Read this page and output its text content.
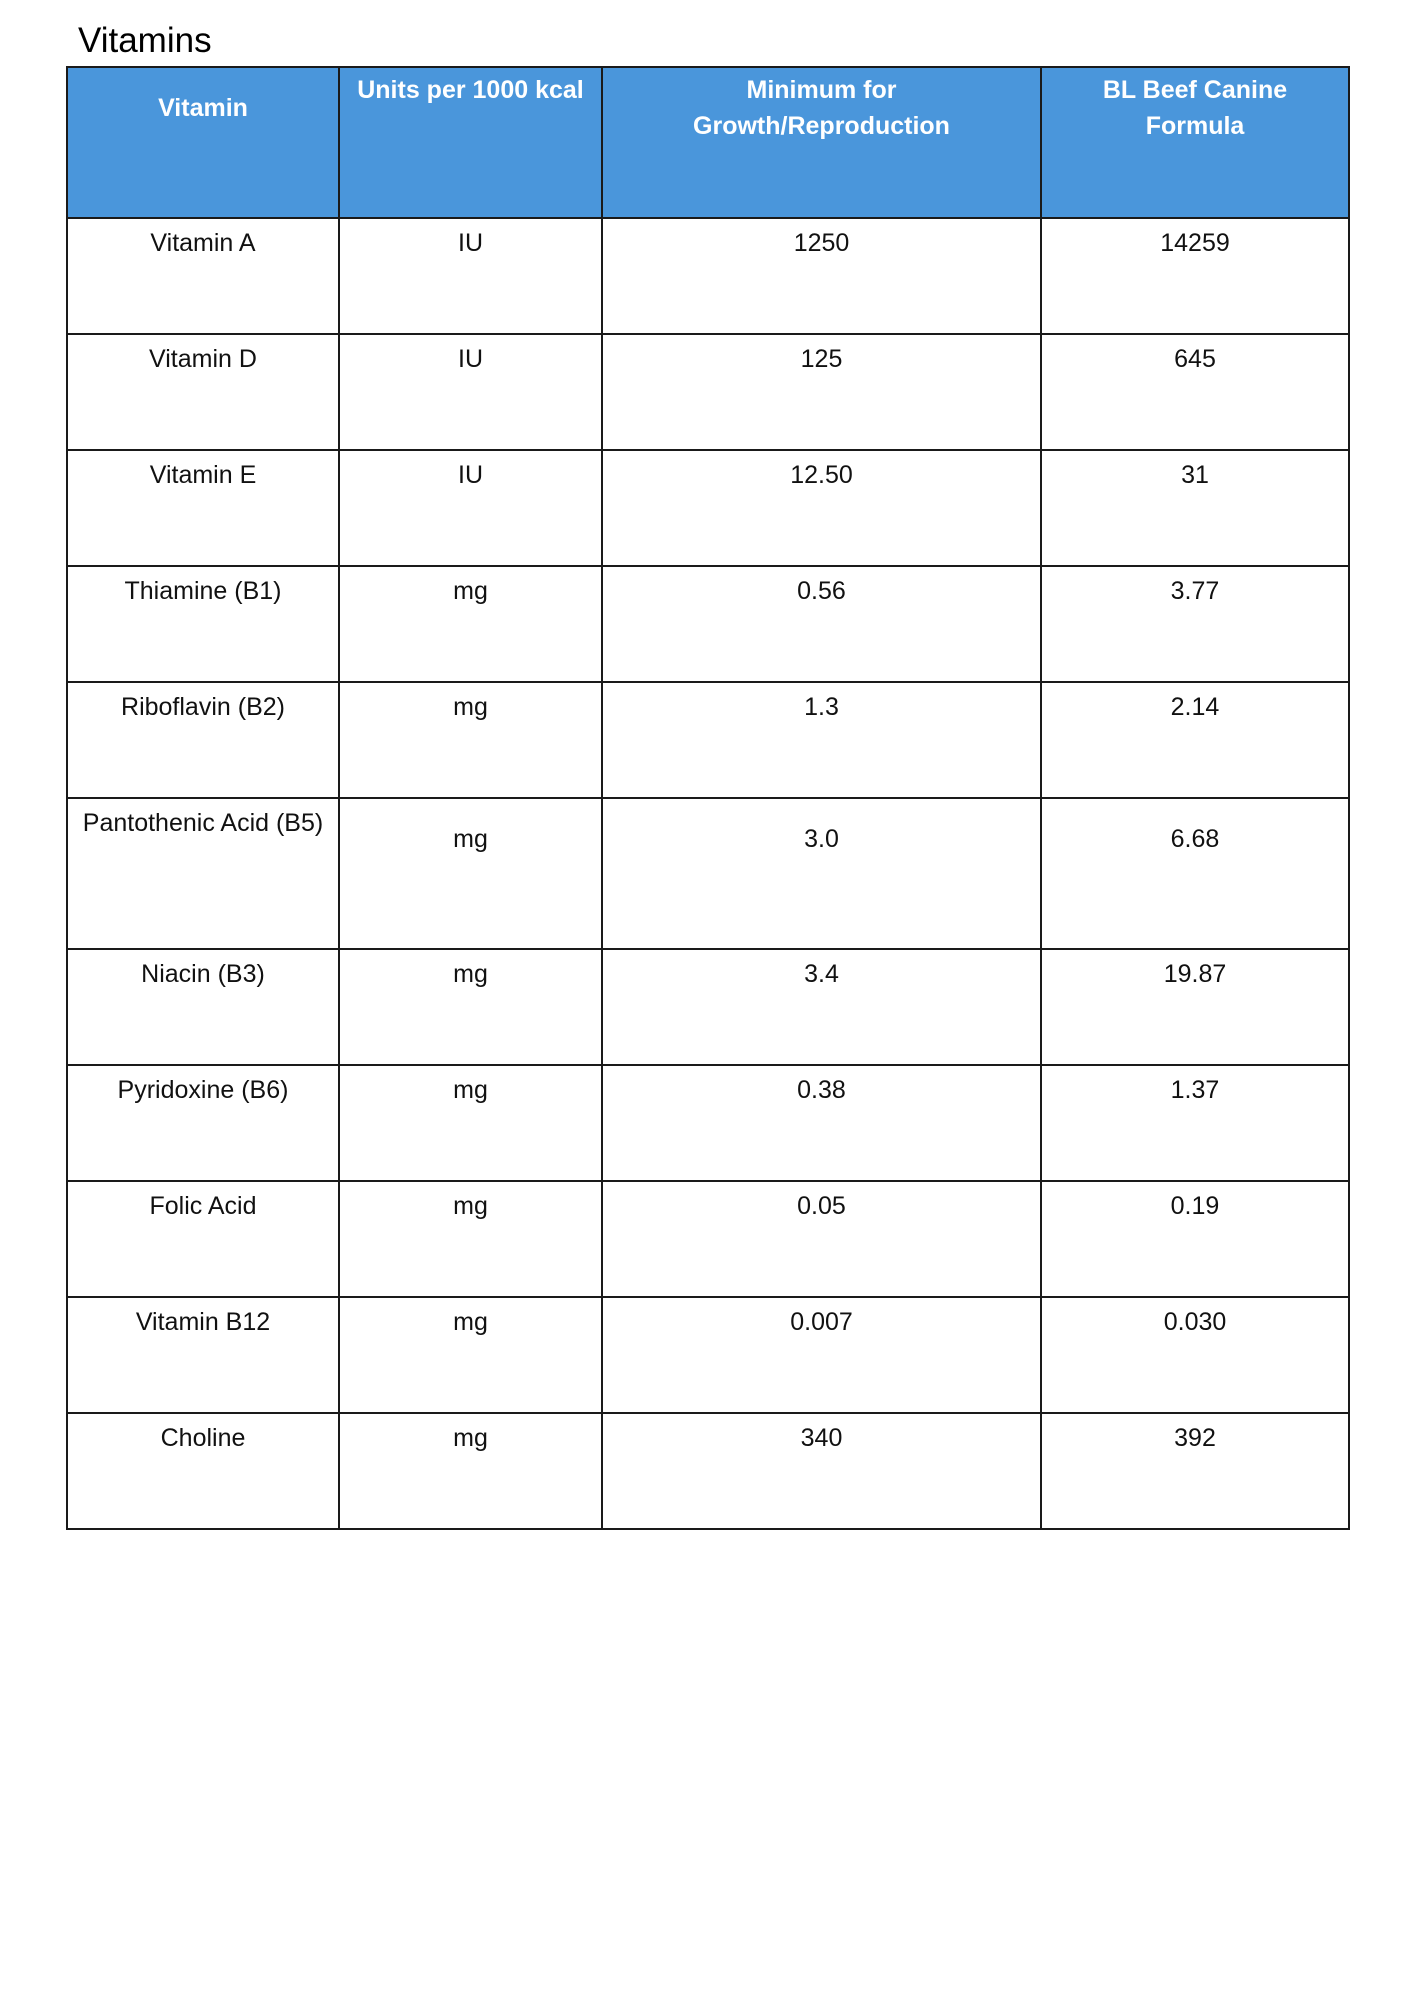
Vitamins
Vitamin	Units per 1000 kcal	Minimum for Growth/Reproduction	BL Beef Canine Formula
Vitamin A	IU	1250	14259
Vitamin D	IU	125	645
Vitamin E	IU	12.50	31
Thiamine (B1)	mg	0.56	3.77
Riboflavin (B2)	mg	1.3	2.14
Pantothenic Acid (B5)	mg	3.0	6.68
Niacin (B3)	mg	3.4	19.87
Pyridoxine (B6)	mg	0.38	1.37
Folic Acid	mg	0.05	0.19
Vitamin B12	mg	0.007	0.030
Choline	mg	340	392
